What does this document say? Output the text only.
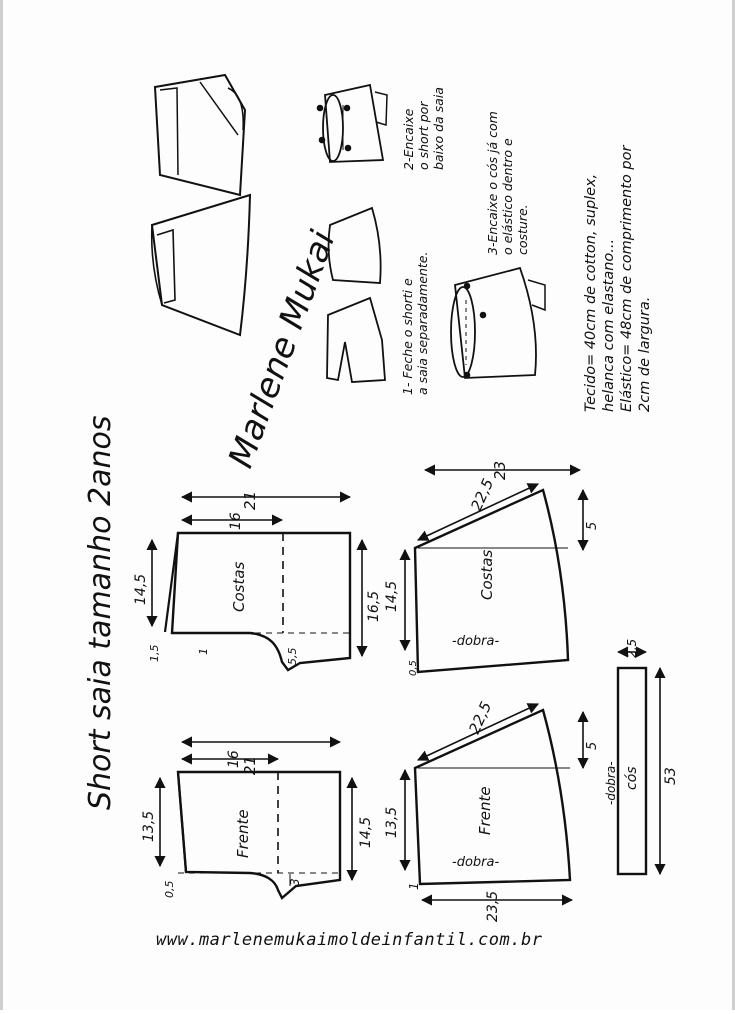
Short saia tamanho 2anos	21
16
14,5
16,5
Costas
1,5	1	5,5
21
16
13,5	14,5
Frente
0,5	3
23
22,5
14,5	Costas
5
0,5
-dobra-
22,5
13,5	Frente
5
1
23,5
-dobra-
2,5
53
cós
-dobra-
1- Feche o shorti e a saia separadamente.
2-Encaixe o short por baixo da saia	3-Encaixe o cós já com o elástico dentro e costure.	Tecido= 40cm de cotton, suplex, helanca com elastano... Elástico= 48cm de comprimento por 2cm de largura.
Marlene Mukai
www.marlenemukaimoldeinfantil.com.br
